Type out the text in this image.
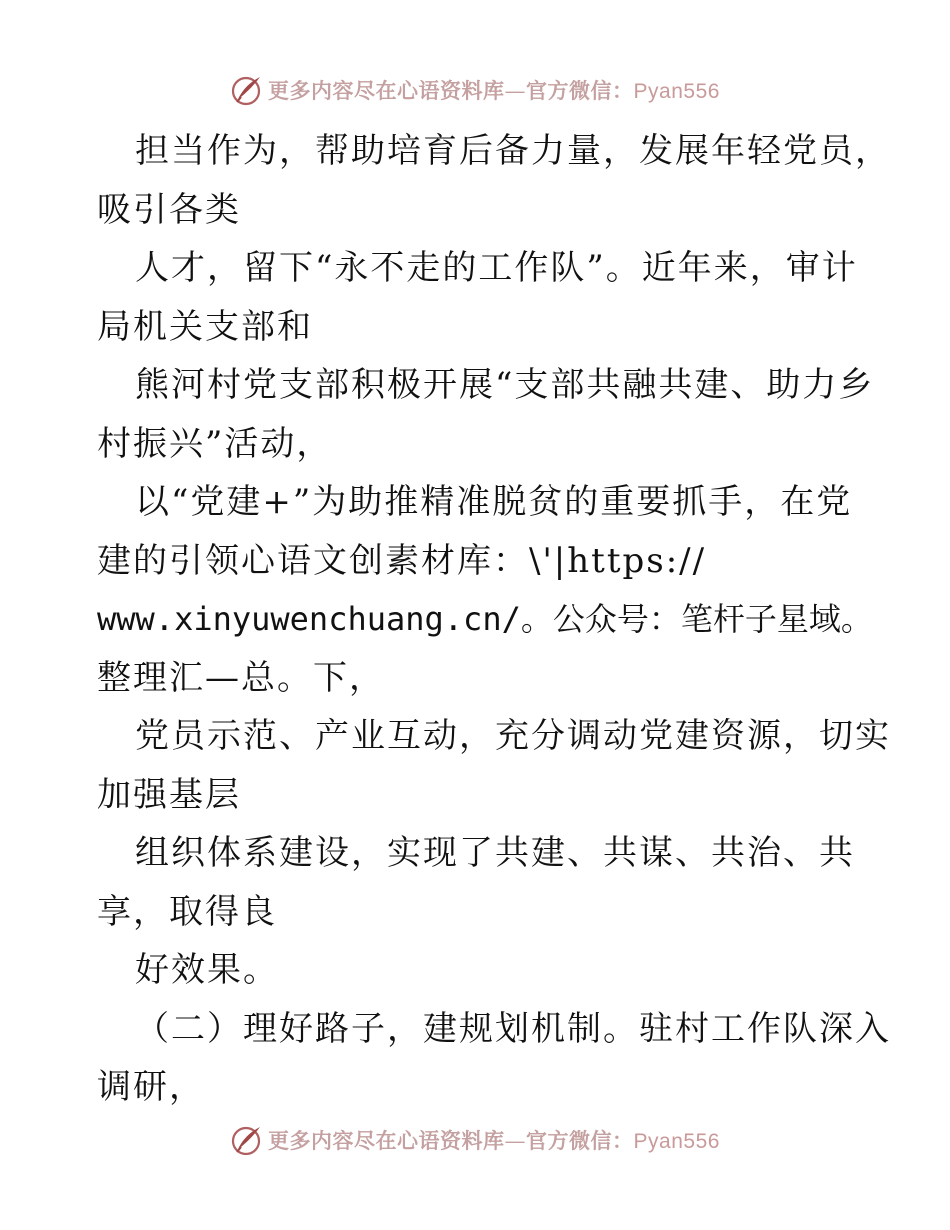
更多内容尽在心语资料库—官方微信：Pyan556
担当作为，帮助培育后备力量，发展年轻党员，
吸引各类
人才，留下“永不走的工作队”。近年来，审计
局机关支部和
熊河村党支部积极开展“支部共融共建、助力乡
村振兴”活动，
以“党建+”为助推精准脱贫的重要抓手，在党
建的引领心语文创素材库：\'|https://
www.xinyuwenchuang.cn/。公众号：笔杆子星域。
整理汇—总。下，
党员示范、产业互动，充分调动党建资源，切实
加强基层
组织体系建设，实现了共建、共谋、共治、共
享，取得良
好效果。
（二）理好路子，建规划机制。驻村工作队深入
调研，
更多内容尽在心语资料库—官方微信：Pyan556
